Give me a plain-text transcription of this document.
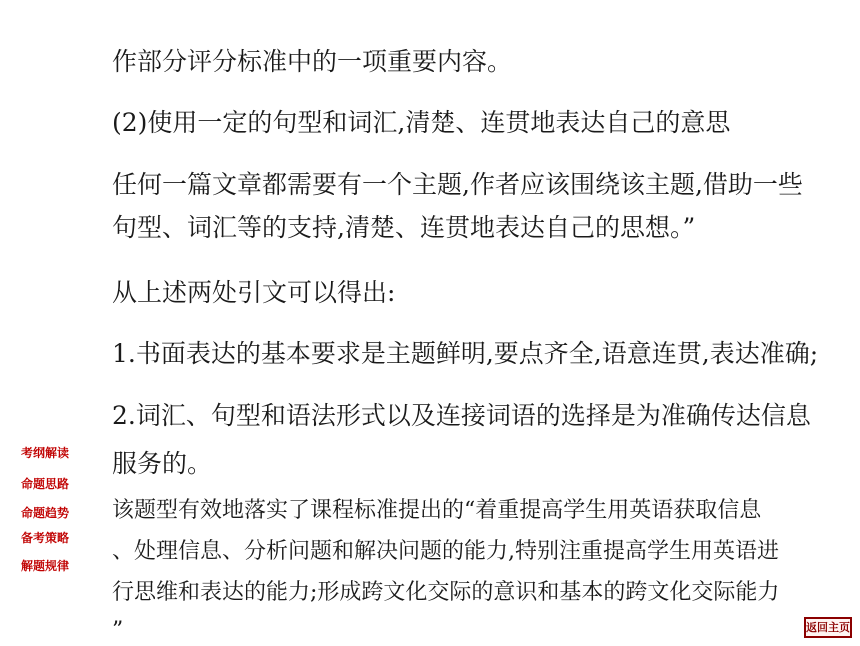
作部分评分标准中的一项重要内容。
(2)使用一定的句型和词汇,清楚、连贯地表达自己的意思
任何一篇文章都需要有一个主题,作者应该围绕该主题,借助一些
句型、词汇等的支持,清楚、连贯地表达自己的思想。”
从上述两处引文可以得出:
1.书面表达的基本要求是主题鲜明,要点齐全,语意连贯,表达准确;
2.词汇、句型和语法形式以及连接词语的选择是为准确传达信息
服务的。
该题型有效地落实了课程标准提出的“着重提高学生用英语获取信息
、处理信息、分析问题和解决问题的能力,特别注重提高学生用英语进
行思维和表达的能力;形成跨文化交际的意识和基本的跨文化交际能力
”
考纲解读
命题思路
命题趋势
备考策略
解题规律
返回主页
